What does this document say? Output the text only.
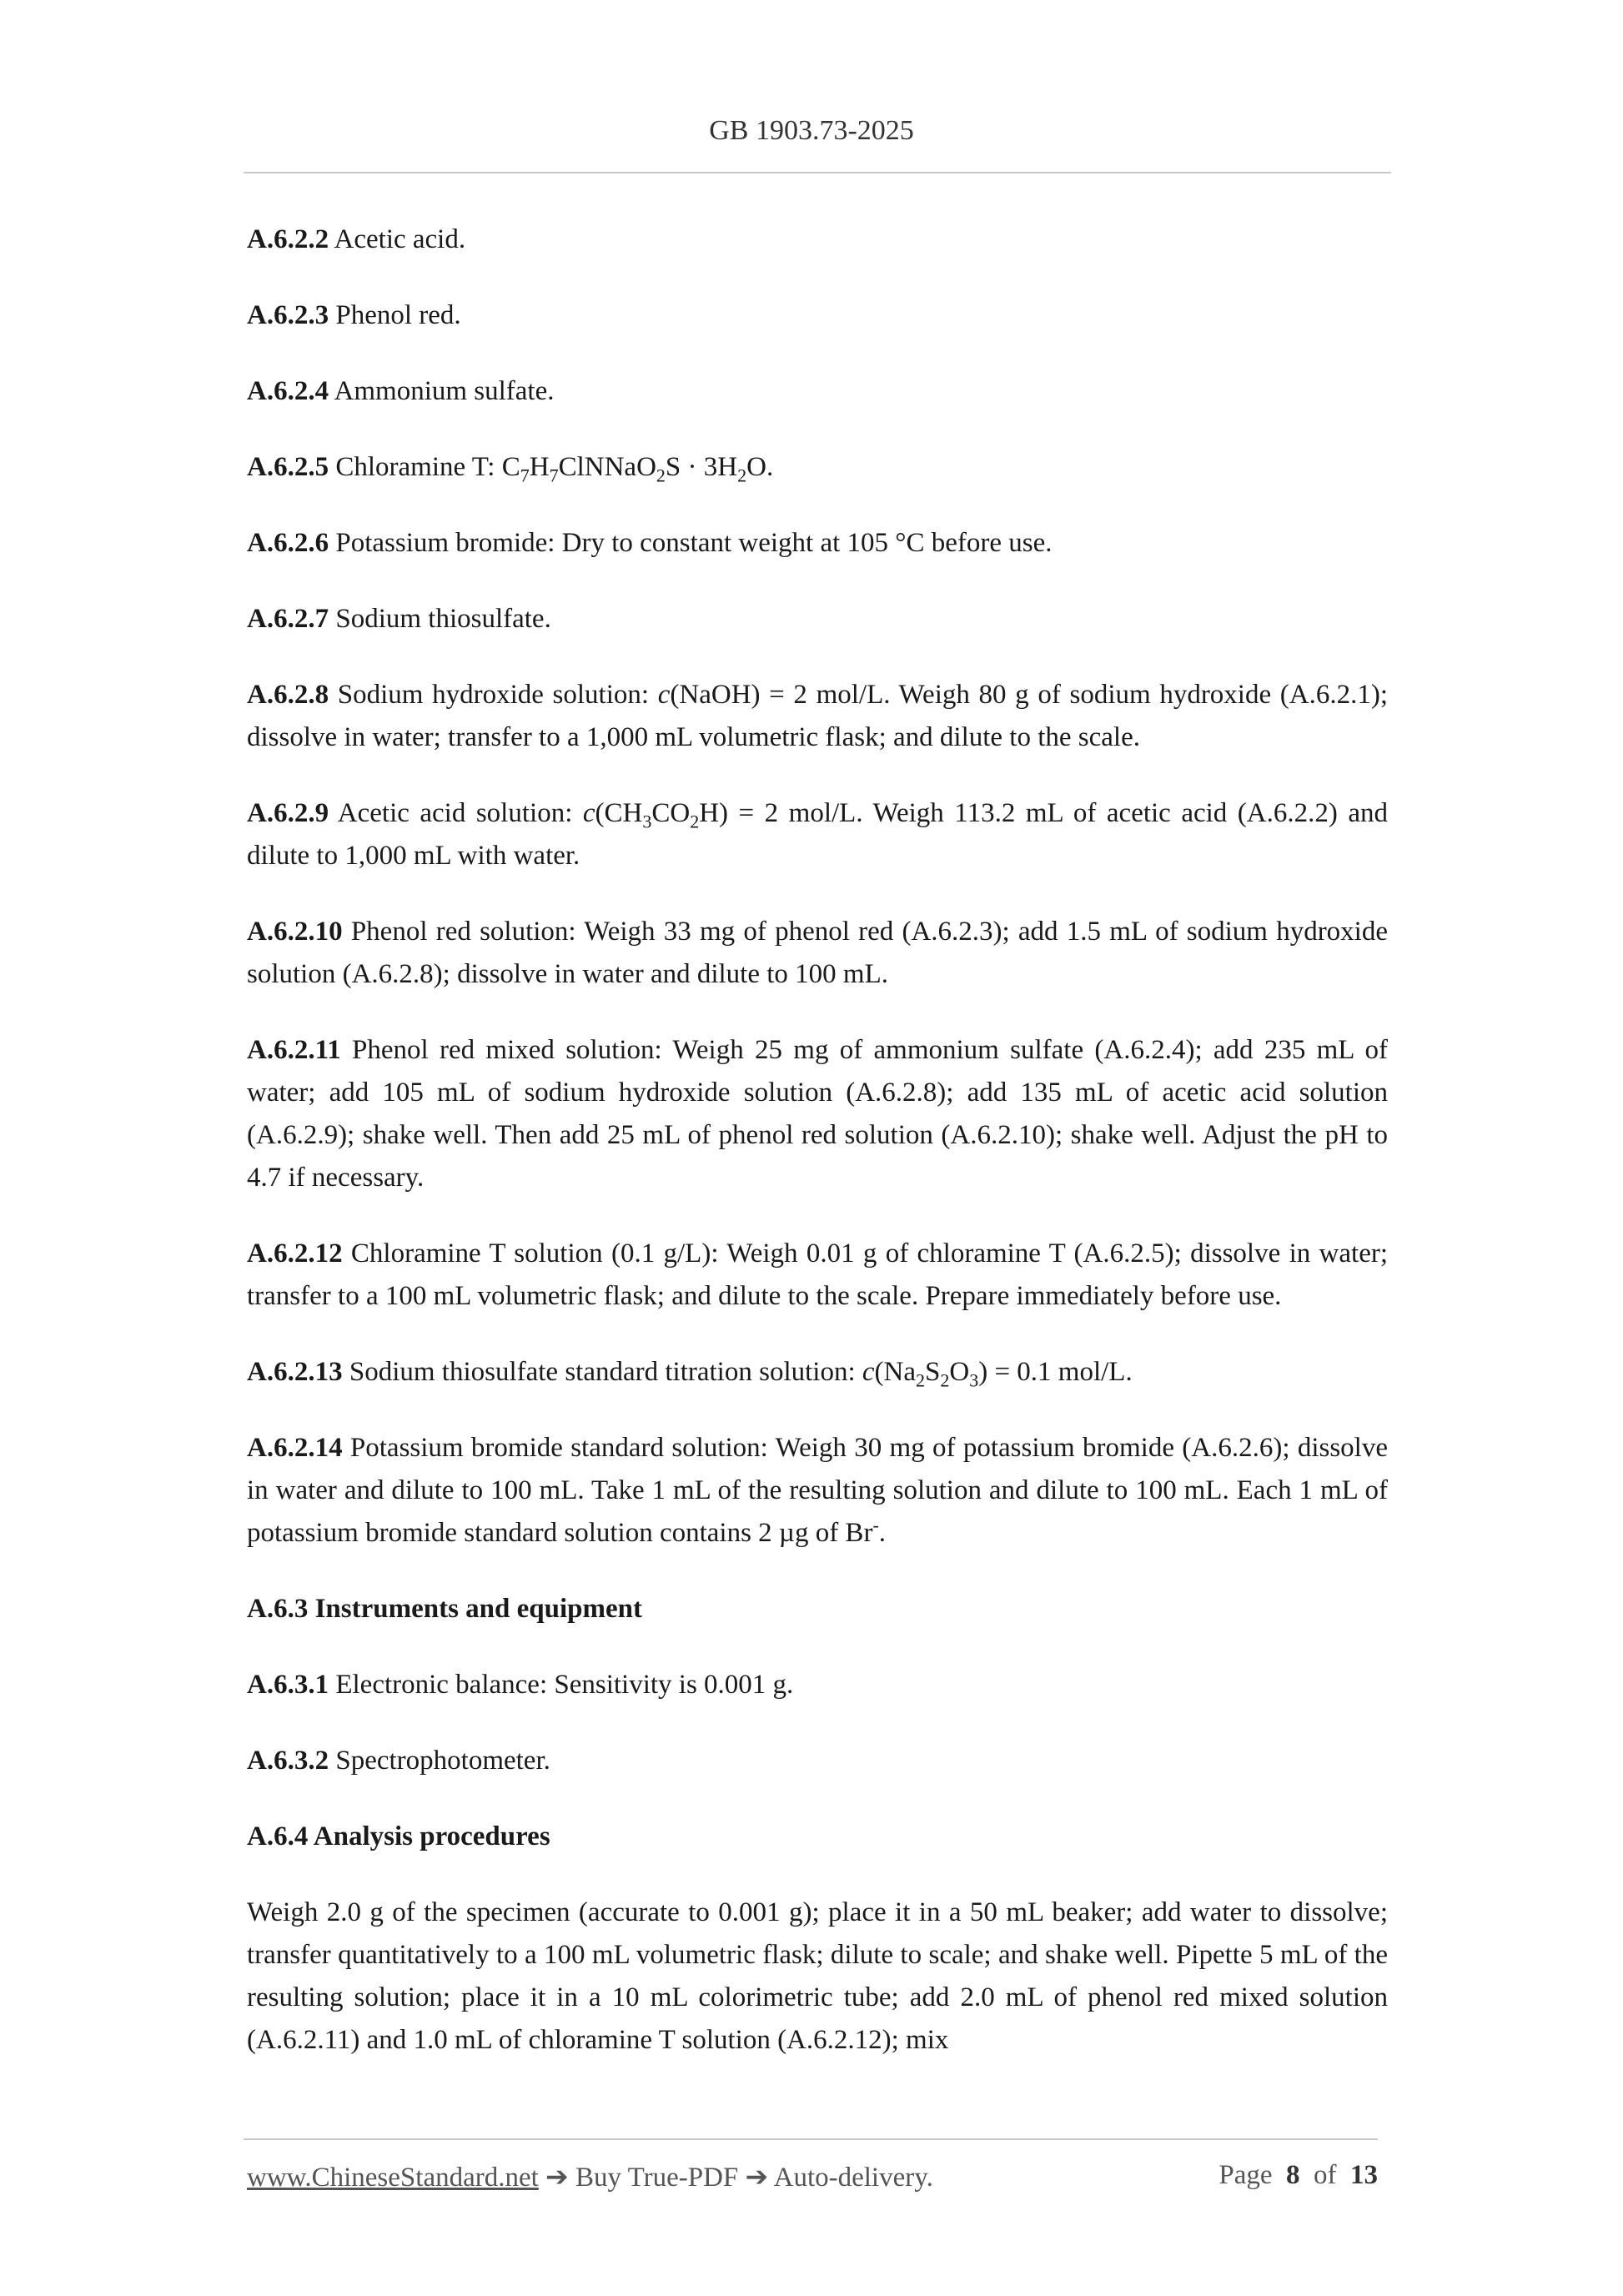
GB 1903.73-2025

A.6.2.2 Acetic acid.

A.6.2.3 Phenol red.

A.6.2.4 Ammonium sulfate.

A.6.2.5 Chloramine T: $C_7H_7ClNNaO_2S \cdot 3H_2O$.

A.6.2.6 Potassium bromide: Dry to constant weight at 105 °C before use.

A.6.2.7 Sodium thiosulfate.

A.6.2.8 Sodium hydroxide solution: c(NaOH) = 2 mol/L. Weigh 80 g of sodium hydroxide (A.6.2.1); dissolve in water; transfer to a 1,000 mL volumetric flask; and dilute to the scale.

A.6.2.9 Acetic acid solution: $c(CH_3CO_2H) = 2$ mol/L. Weigh 113.2 mL of acetic acid (A.6.2.2) and dilute to 1,000 mL with water.

A.6.2.10 Phenol red solution: Weigh 33 mg of phenol red (A.6.2.3); add 1.5 mL of sodium hydroxide solution (A.6.2.8); dissolve in water and dilute to 100 mL.

A.6.2.11 Phenol red mixed solution: Weigh 25 mg of ammonium sulfate (A.6.2.4); add 235 mL of water; add 105 mL of sodium hydroxide solution (A.6.2.8); add 135 mL of acetic acid solution (A.6.2.9); shake well. Then add 25 mL of phenol red solution (A.6.2.10); shake well. Adjust the pH to 4.7 if necessary.

A.6.2.12 Chloramine T solution (0.1 g/L): Weigh 0.01 g of chloramine T (A.6.2.5); dissolve in water; transfer to a 100 mL volumetric flask; and dilute to the scale. Prepare immediately before use.

A.6.2.13 Sodium thiosulfate standard titration solution: $c(Na_2S_2O_3) = 0.1$ mol/L.

A.6.2.14 Potassium bromide standard solution: Weigh 30 mg of potassium bromide (A.6.2.6); dissolve in water and dilute to 100 mL. Take 1 mL of the resulting solution and dilute to 100 mL. Each 1 mL of potassium bromide standard solution contains 2 µg of Br-.

A.6.3 Instruments and equipment

A.6.3.1 Electronic balance: Sensitivity is 0.001 g.

A.6.3.2 Spectrophotometer.

A.6.4 Analysis procedures

Weigh 2.0 g of the specimen (accurate to 0.001 g); place it in a 50 mL beaker; add water to dissolve; transfer quantitatively to a 100 mL volumetric flask; dilute to scale; and shake well. Pipette 5 mL of the resulting solution; place it in a 10 mL colorimetric tube; add 2.0 mL of phenol red mixed solution (A.6.2.11) and 1.0 mL of chloramine T solution (A.6.2.12); mix

www.ChineseStandard.net ➔ Buy True-PDF ➔ Auto-delivery.	Page 8 of 13
